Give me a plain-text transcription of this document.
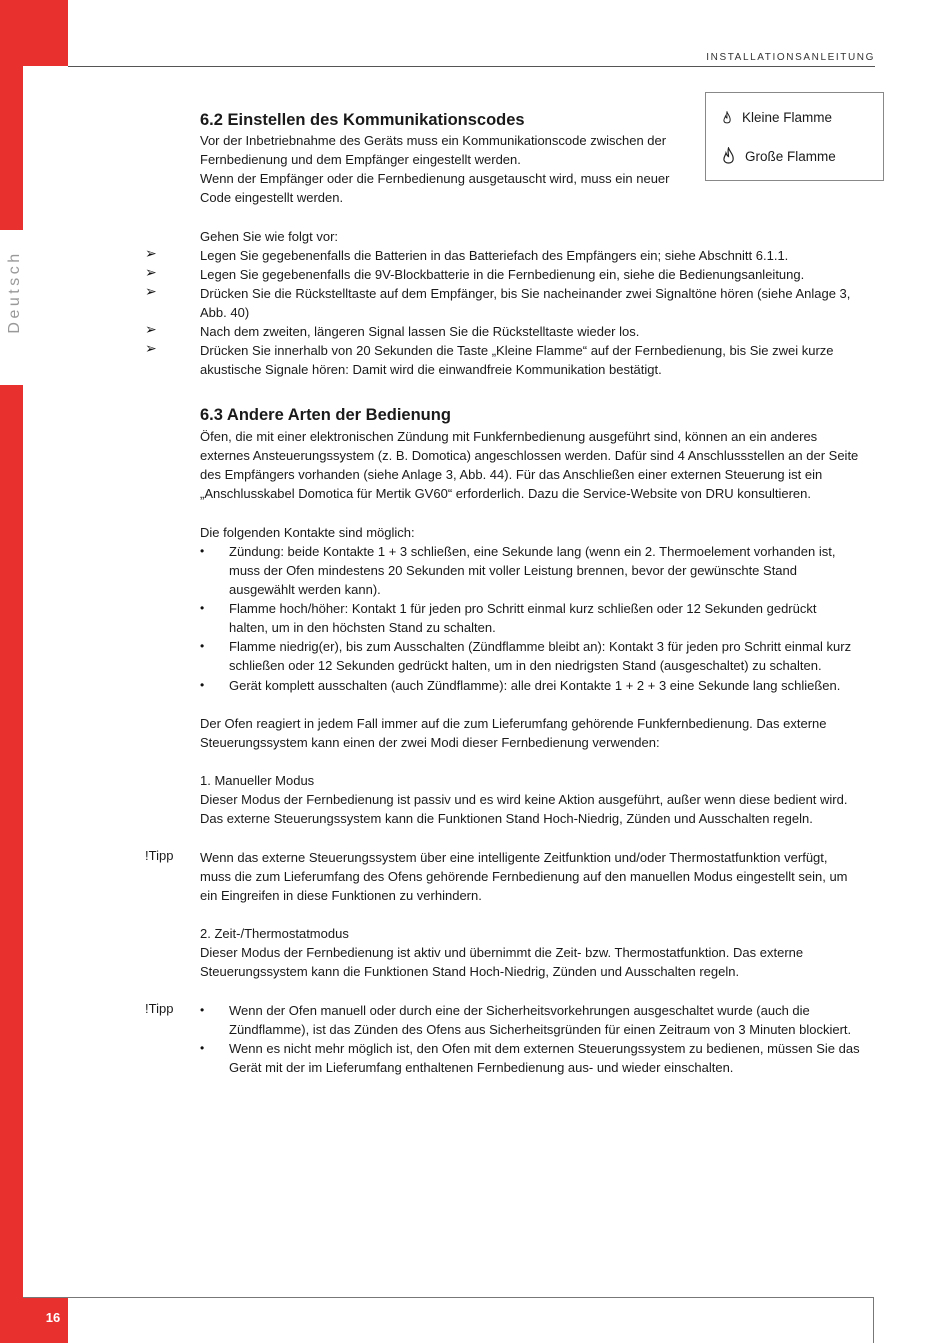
16
Deutsch
INSTALLATIONSANLEITUNG
Kleine Flamme
Große Flamme
6.2 Einstellen des Kommunikationscodes
Vor der Inbetriebnahme des Geräts muss ein Kommunikationscode zwischen der
Fernbedienung und dem Empfänger eingestellt werden.
Wenn der Empfänger oder die Fernbedienung ausgetauscht wird, muss ein neuer
Code eingestellt werden.
Gehen Sie wie folgt vor:
➢	Legen Sie gegebenenfalls die Batterien in das Batteriefach des Empfängers ein; siehe Abschnitt 6.1.1.
➢	Legen Sie gegebenenfalls die 9V-Blockbatterie in die Fernbedienung ein, siehe die Bedienungsanleitung.
➢	Drücken Sie die Rückstelltaste auf dem Empfänger, bis Sie nacheinander zwei Signaltöne hören (siehe Anlage 3,
Abb. 40)
➢	Nach dem zweiten, längeren Signal lassen Sie die Rückstelltaste wieder los.
➢	Drücken Sie innerhalb von 20 Sekunden die Taste „Kleine Flamme“ auf der Fernbedienung, bis Sie zwei kurze
akustische Signale hören: Damit wird die einwandfreie Kommunikation bestätigt.
6.3 Andere Arten der Bedienung
Öfen, die mit einer elektronischen Zündung mit Funkfernbedienung ausgeführt sind, können an ein anderes
externes Ansteuerungssystem (z. B. Domotica) angeschlossen werden. Dafür sind 4 Anschlussstellen an der Seite
des Empfängers vorhanden (siehe Anlage 3, Abb. 44). Für das Anschließen einer externen Steuerung ist ein
„Anschlusskabel Domotica für Mertik GV60“ erforderlich. Dazu die Service-Website von DRU konsultieren.
Die folgenden Kontakte sind möglich:
• Zündung: beide Kontakte 1 + 3 schließen, eine Sekunde lang (wenn ein 2. Thermoelement vorhanden ist,
muss der Ofen mindestens 20 Sekunden mit voller Leistung brennen, bevor der gewünschte Stand
ausgewählt werden kann).
• Flamme hoch/höher: Kontakt 1 für jeden pro Schritt einmal kurz schließen oder 12 Sekunden gedrückt
halten, um in den höchsten Stand zu schalten.
• Flamme niedrig(er), bis zum Ausschalten (Zündflamme bleibt an): Kontakt 3 für jeden pro Schritt einmal kurz
schließen oder 12 Sekunden gedrückt halten, um in den niedrigsten Stand (ausgeschaltet) zu schalten.
• Gerät komplett ausschalten (auch Zündflamme): alle drei Kontakte 1 + 2 + 3 eine Sekunde lang schließen.
Der Ofen reagiert in jedem Fall immer auf die zum Lieferumfang gehörende Funkfernbedienung. Das externe
Steuerungssystem kann einen der zwei Modi dieser Fernbedienung verwenden:
1. Manueller Modus
Dieser Modus der Fernbedienung ist passiv und es wird keine Aktion ausgeführt, außer wenn diese bedient wird.
Das externe Steuerungssystem kann die Funktionen Stand Hoch-Niedrig, Zünden und Ausschalten regeln.
!Tipp Wenn das externe Steuerungssystem über eine intelligente Zeitfunktion und/oder Thermostatfunktion verfügt,
muss die zum Lieferumfang des Ofens gehörende Fernbedienung auf den manuellen Modus eingestellt sein, um
ein Eingreifen in diese Funktionen zu verhindern.
2. Zeit-/Thermostatmodus
Dieser Modus der Fernbedienung ist aktiv und übernimmt die Zeit- bzw. Thermostatfunktion. Das externe
Steuerungssystem kann die Funktionen Stand Hoch-Niedrig, Zünden und Ausschalten regeln.
!Tipp • Wenn der Ofen manuell oder durch eine der Sicherheitsvorkehrungen ausgeschaltet wurde (auch die
Zündflamme), ist das Zünden des Ofens aus Sicherheitsgründen für einen Zeitraum von 3 Minuten blockiert.
• Wenn es nicht mehr möglich ist, den Ofen mit dem externen Steuerungssystem zu bedienen, müssen Sie das
Gerät mit der im Lieferumfang enthaltenen Fernbedienung aus- und wieder einschalten.
